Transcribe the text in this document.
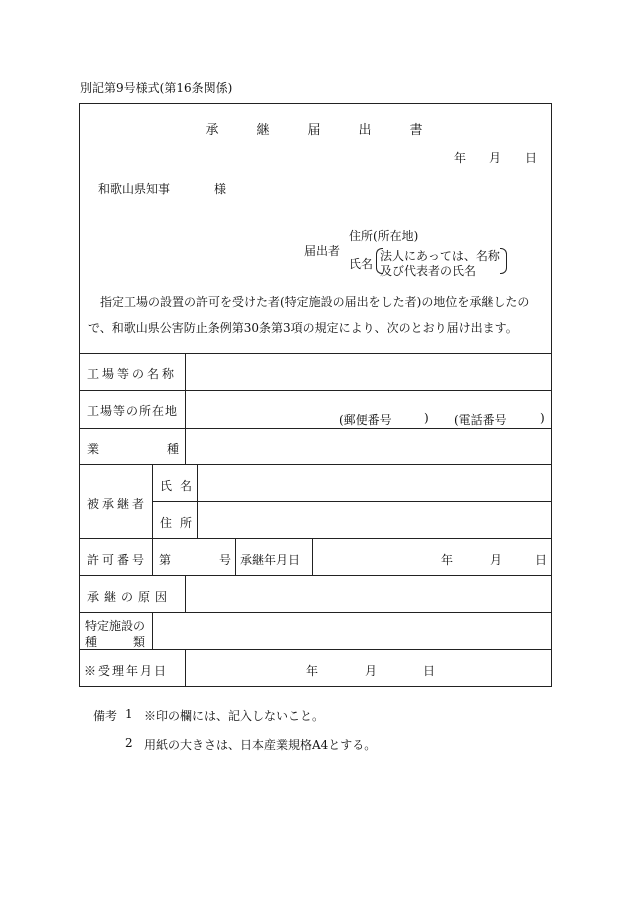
別記第9号様式(第16条関係)
承	継	届	出	書
年 月 日
和歌山県知事	様
住所(所在地)
届出者
氏名
法人にあっては、名称
及び代表者の氏名
指定工場の設置の許可を受けた者(特定施設の届出をした者)の地位を承継したので、和歌山県公害防止条例第30条第3項の規定により、次のとおり届け出ます。
工場等の名称
工場等の所在地
(郵便番号	) (電話番号	)
業	種
被承継者
氏 名
住 所
許可番号 第	号 承継年月日	年	月	日
承継の原因
特定施設の
種	類
※受理年月日	年	月	日
備考 1 ※印の欄には、記入しないこと。
2 用紙の大きさは、日本産業規格A4とする。
